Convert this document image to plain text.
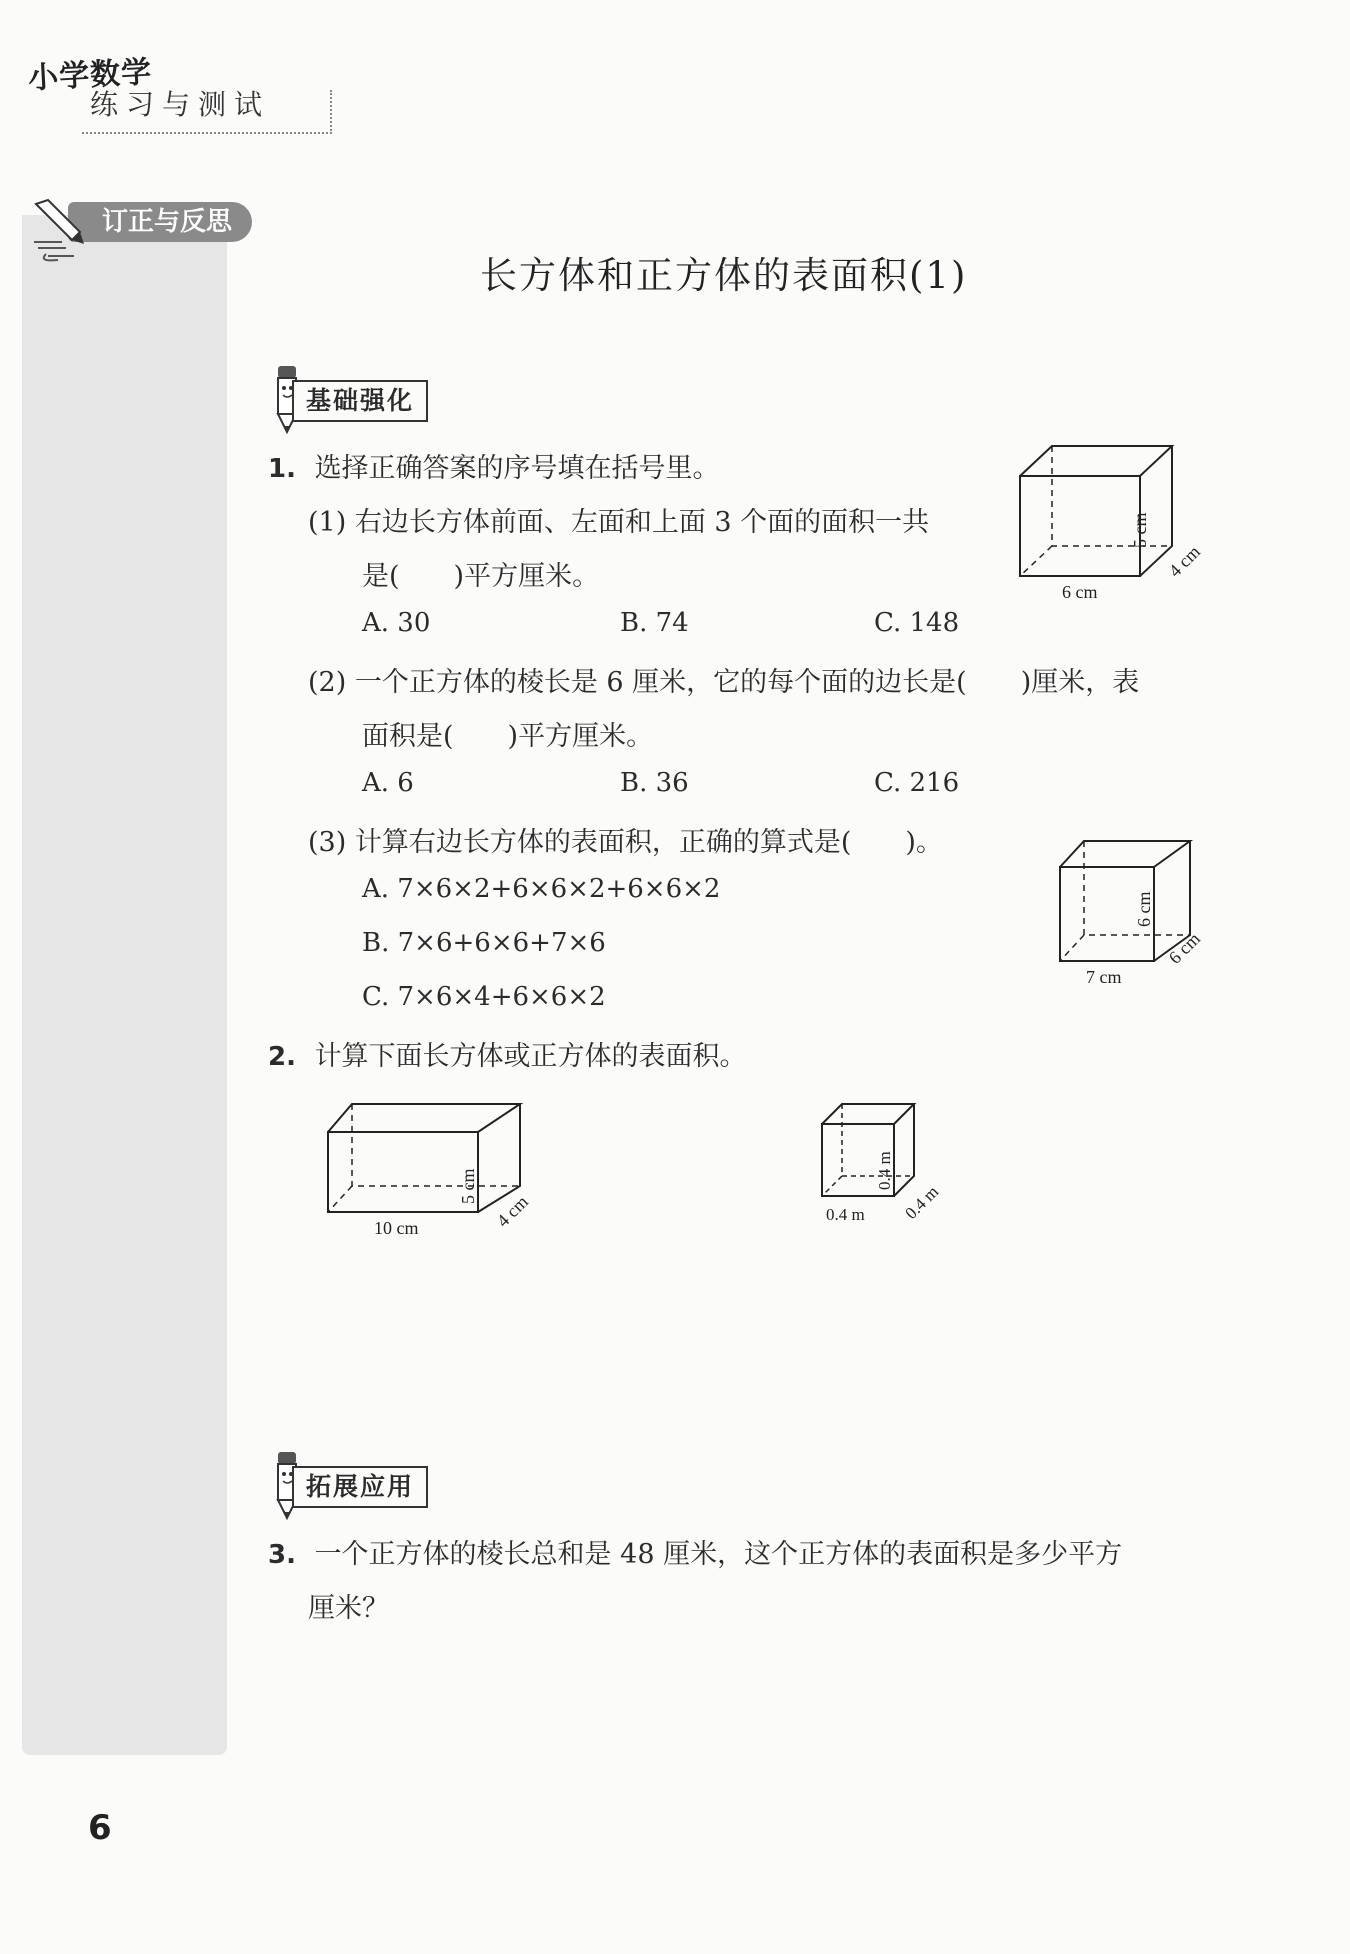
小学数学
练习与测试
订正与反思
长方体和正方体的表面积(1)
基础强化
1. 选择正确答案的序号填在括号里。
(1) 右边长方体前面、左面和上面 3 个面的面积一共
是(　　)平方厘米。
A. 30	B. 74	C. 148
6 cm
4 cm
5 cm
(2) 一个正方体的棱长是 6 厘米，它的每个面的边长是(　　)厘米，表
面积是(　　)平方厘米。
A. 6	B. 36	C. 216
(3) 计算右边长方体的表面积，正确的算式是(　　)。
A. 7×6×2+6×6×2+6×6×2
B. 7×6+6×6+7×6
C. 7×6×4+6×6×2
7 cm
6 cm
6 cm
2. 计算下面长方体或正方体的表面积。
10 cm	4 cm
5 cm
0.4 m 0.4 m
0.4 m
拓展应用
3. 一个正方体的棱长总和是 48 厘米，这个正方体的表面积是多少平方
厘米？
6
